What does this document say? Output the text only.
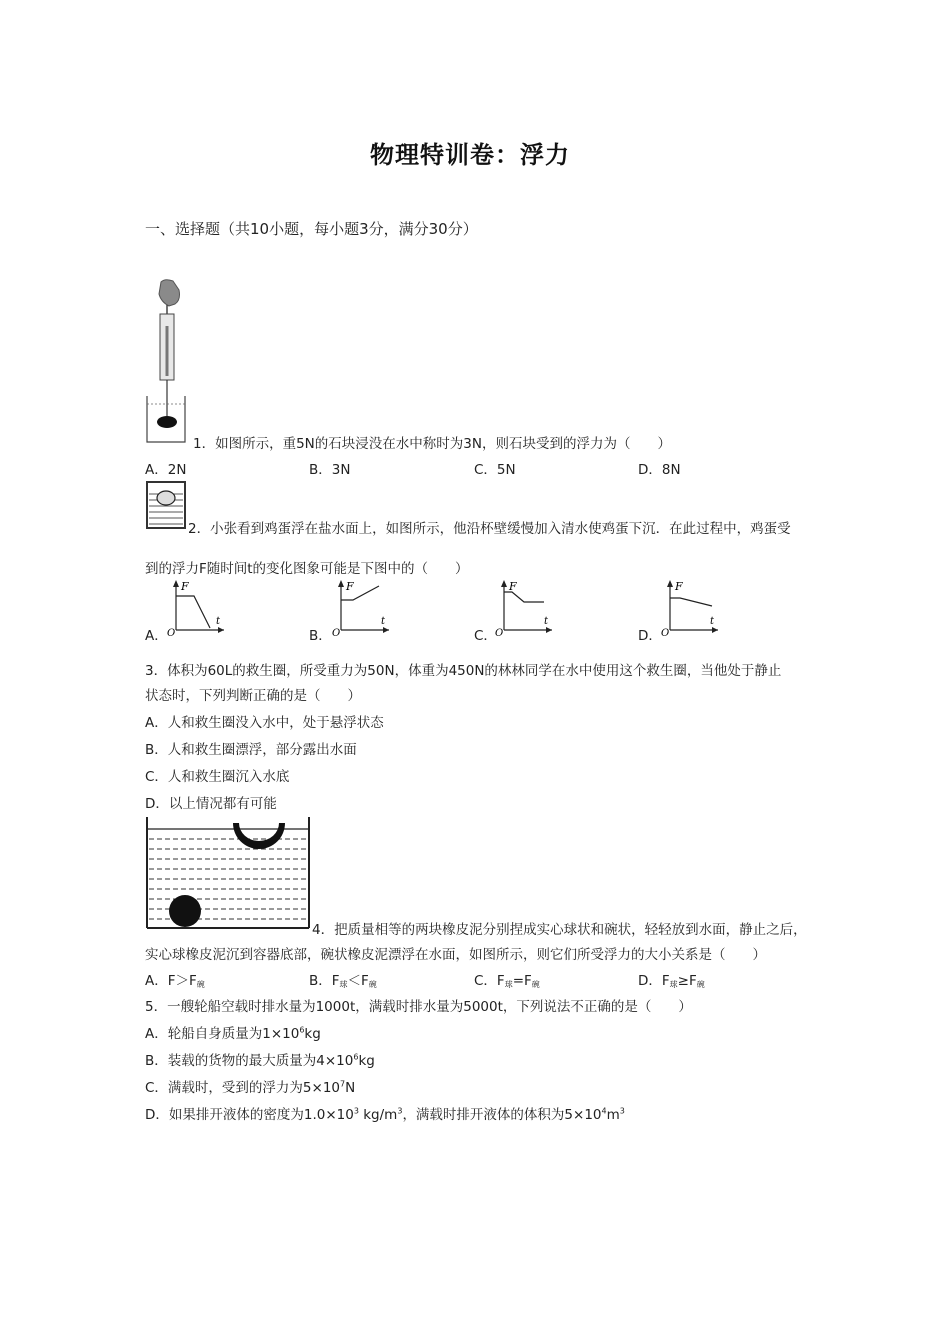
物理特训卷：浮力
一、选择题（共10小题，每小题3分，满分30分）
1．如图所示，重5N的石块浸没在水中称时为3N，则石块受到的浮力为（　　）
A．2N	B．3N	C．5N	D．8N
2．小张看到鸡蛋浮在盐水面上，如图所示，他沿杯壁缓慢加入清水使鸡蛋下沉．在此过程中，鸡蛋受
到的浮力F随时间t的变化图象可能是下图中的（　　）
A．
F
t
O	B．
F
t
O	C．
F
t
O	D．
F
t
O
3．体积为60L的救生圈，所受重力为50N，体重为450N的林林同学在水中使用这个救生圈，当他处于静止
状态时，下列判断正确的是（　　）
A．人和救生圈没入水中，处于悬浮状态
B．人和救生圈漂浮，部分露出水面
C．人和救生圈沉入水底
D．以上情况都有可能
4．把质量相等的两块橡皮泥分别捏成实心球状和碗状，轻轻放到水面，静止之后，
实心球橡皮泥沉到容器底部，碗状橡皮泥漂浮在水面，如图所示，则它们所受浮力的大小关系是（　　）
A．$F>F_碗$	B．$F_球<F_碗$	C．$F_球=F_碗$	D．$F_球\ge F_碗$
5．一艘轮船空载时排水量为1000t，满载时排水量为5000t，下列说法不正确的是（　　）
A．轮船自身质量为$1\times 10^6kg$
B．装载的货物的最大质量为$4\times 10^6kg$
C．满载时，受到的浮力为$5\times 10^7N$
D．如果排开液体的密度为$1.0\times 10^3$ $kg/m^3$，满载时排开液体的体积为$5\times 10^4m^3$
